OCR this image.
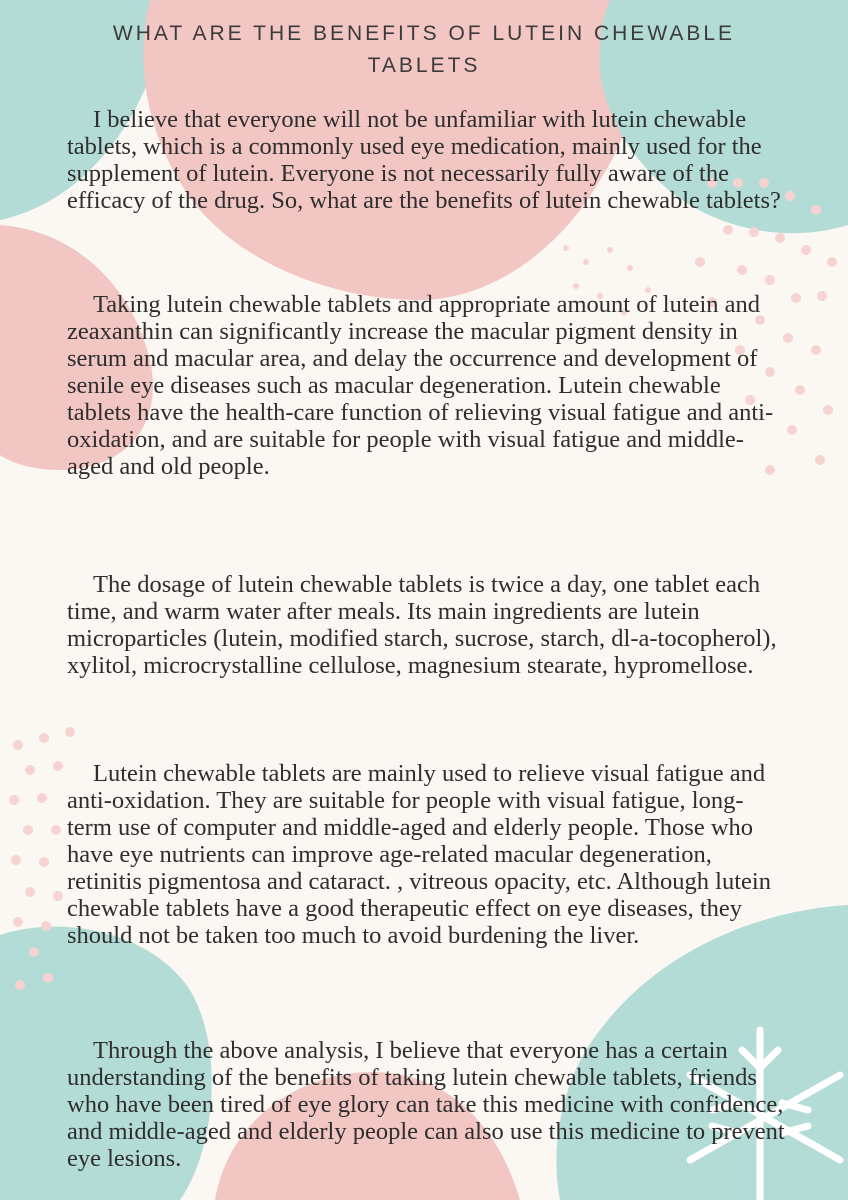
WHAT ARE THE BENEFITS OF LUTEIN CHEWABLE TABLETS

I believe that everyone will not be unfamiliar with lutein chewable tablets, which is a commonly used eye medication, mainly used for the supplement of lutein. Everyone is not necessarily fully aware of the efficacy of the drug. So, what are the benefits of lutein chewable tablets?

Taking lutein chewable tablets and appropriate amount of lutein and zeaxanthin can significantly increase the macular pigment density in serum and macular area, and delay the occurrence and development of senile eye diseases such as macular degeneration. Lutein chewable tablets have the health-care function of relieving visual fatigue and anti-oxidation, and are suitable for people with visual fatigue and middle-aged and old people.

The dosage of lutein chewable tablets is twice a day, one tablet each time, and warm water after meals. Its main ingredients are lutein microparticles (lutein, modified starch, sucrose, starch, dl-a-tocopherol), xylitol, microcrystalline cellulose, magnesium stearate, hypromellose.

Lutein chewable tablets are mainly used to relieve visual fatigue and anti-oxidation. They are suitable for people with visual fatigue, long-term use of computer and middle-aged and elderly people. Those who have eye nutrients can improve age-related macular degeneration, retinitis pigmentosa and cataract. , vitreous opacity, etc. Although lutein chewable tablets have a good therapeutic effect on eye diseases, they should not be taken too much to avoid burdening the liver.

Through the above analysis, I believe that everyone has a certain understanding of the benefits of taking lutein chewable tablets, friends who have been tired of eye glory can take this medicine with confidence, and middle-aged and elderly people can also use this medicine to prevent eye lesions.
